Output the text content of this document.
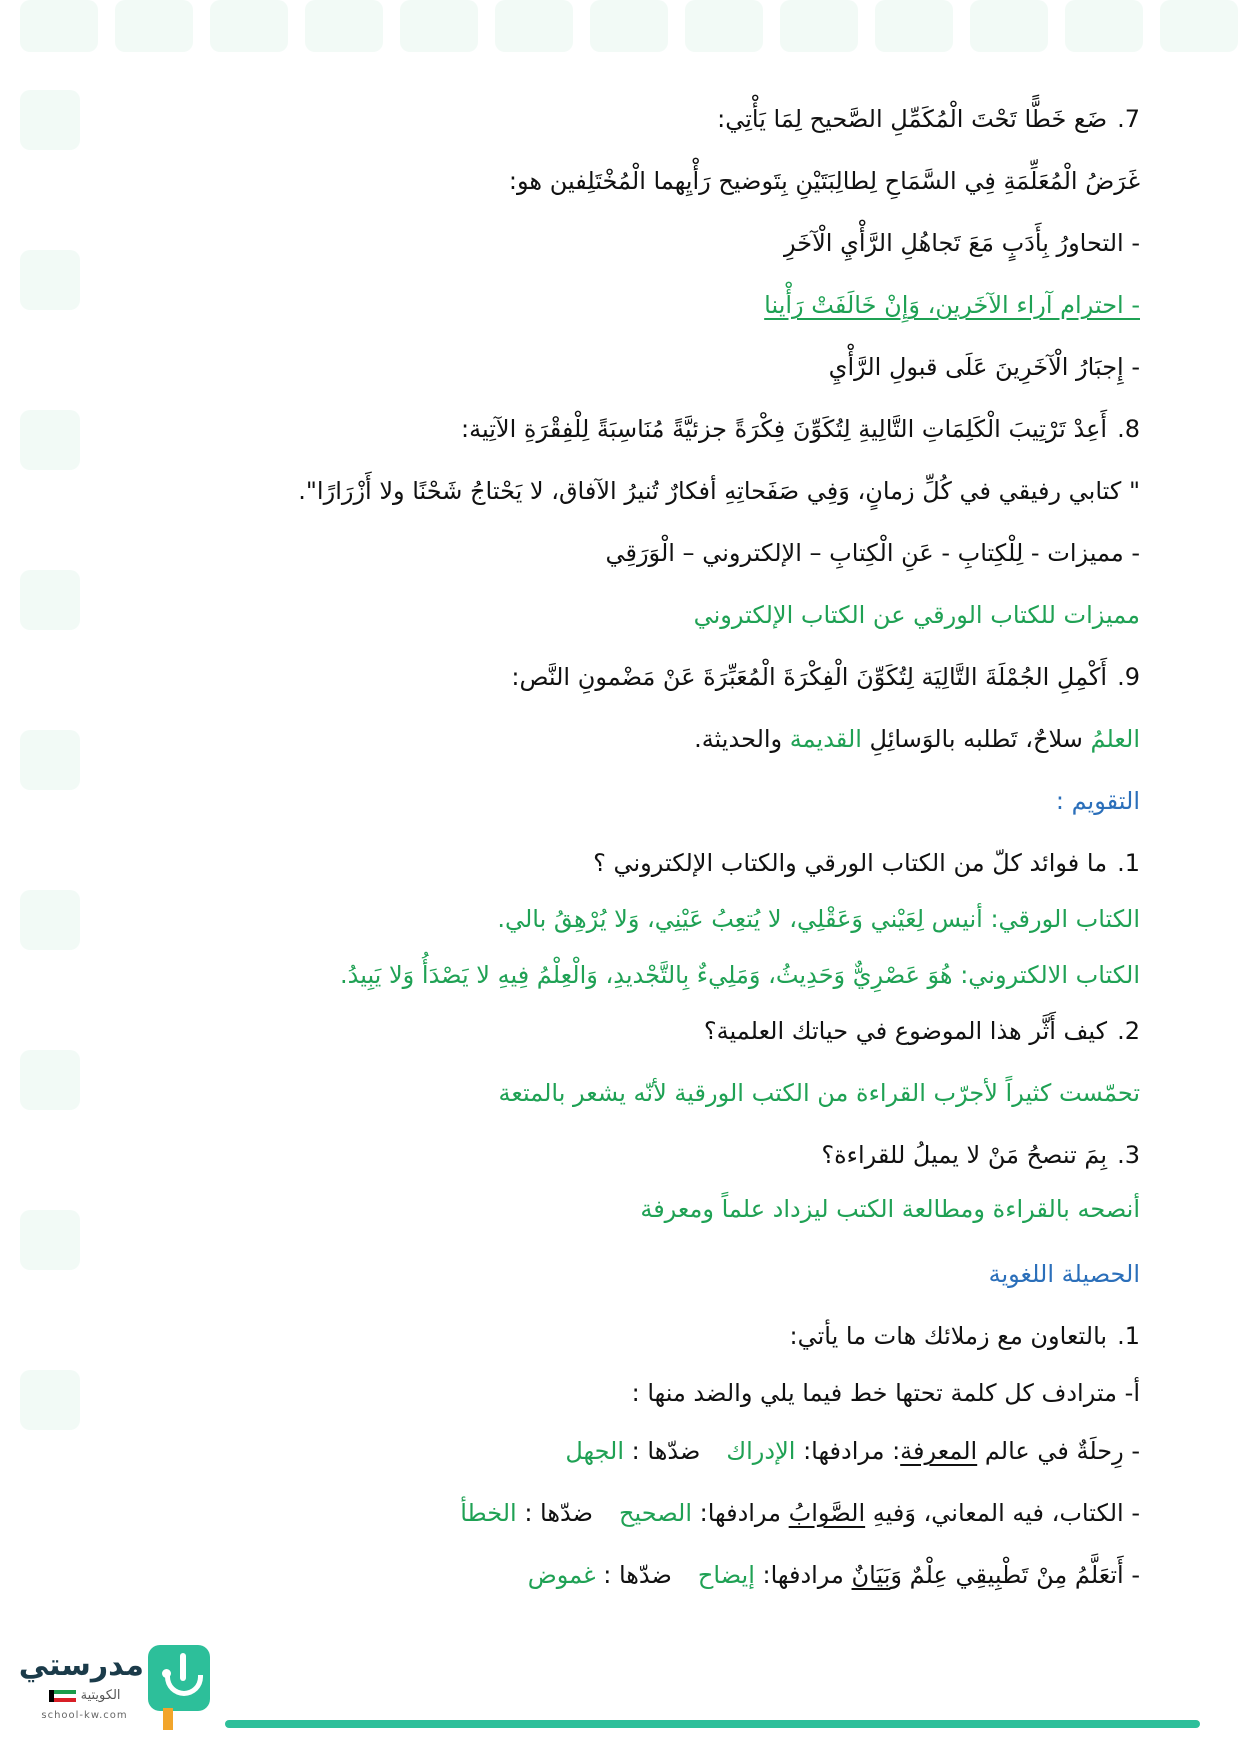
7.ضَع خَطًّا تَحْتَ الْمُكَمِّلِ الصَّحيح لِمَا يَأْتِي:
غَرَضُ الْمُعَلِّمَةِ فِي السَّمَاحِ لِطالِبَتَيْنِ بِتَوضيح رَأْيِهما الْمُخْتَلِفين هو:
- التحاورُ بِأَدَبٍ مَعَ تَجاهُلِ الرَّأْيِ الْآخَرِ
- احترام آراء الآخَرين، وَإِنْ خَالَفَتْ رَأْينا
- إِجبَارُ الْآخَرِينَ عَلَى قبولِ الرَّأْيِ
8.أَعِدْ تَرْتِيبَ الْكَلِمَاتِ التَّالِيةِ لِتُكَوِّنَ فِكْرَةً جزئيَّةً مُنَاسِبَةً لِلْفِقْرَةِ الآتِية:
" كتابي رفيقي في كُلِّ زمانٍ، وَفِي صَفَحاتِهِ أفكارٌ تُنيرُ الآفاق، لا يَحْتاجُ شَحْنًا ولا أَزْرَارًا".
- مميزات - لِلْكِتابِ - عَنِ الْكِتابِ – الإلكتروني – الْوَرَقِي
مميزات للكتاب الورقي عن الكتاب الإلكتروني
9.أَكْمِلِ الجُمْلَةَ التَّالِيَة لِتُكَوِّنَ الْفِكْرَةَ الْمُعَبِّرَةَ عَنْ مَضْمونِ النَّص:
العلمُ سلاحٌ، تَطلبه بالوَسائِلِ القديمة والحديثة.
التقويم :
1.ما فوائد كلّ من الكتاب الورقي والكتاب الإلكتروني ؟
الكتاب الورقي: أنيس لِعَيْني وَعَقْلِي، لا يُتعِبُ عَيْنِي، وَلا يُرْهِقُ بالي.
الكتاب الالكتروني: هُوَ عَصْرِيٌّ وَحَدِيثُ، وَمَلِيءٌ بِالتَّجْديدِ، وَالْعِلْمُ فِيهِ لا يَصْدَأُ وَلا يَبِيدُ.
2.كيف أَثَّر هذا الموضوع في حياتك العلمية؟
تحمّست كثيراً لأجرّب القراءة من الكتب الورقية لأنّه يشعر بالمتعة
3.بِمَ تنصحُ مَنْ لا يميلُ للقراءة؟
أنصحه بالقراءة ومطالعة الكتب ليزداد علماً ومعرفة
الحصيلة اللغوية
1.بالتعاون مع زملائك هات ما يأتي:
أ- مترادف كل كلمة تحتها خط فيما يلي والضد منها :
- رِحلَةٌ في عالم المعرفة: مرادفها: الإدراكضدّها : الجهل
- الكتاب، فيه المعاني، وَفيهِ الصَّوابُ مرادفها: الصحيحضدّها : الخطأ
- أَتعَلَّمُ مِنْ تَطْبِيقِي عِلْمٌ وَبَيَانٌ مرادفها: إيضاحضدّها : غموض
مدرستي
الكويتية
school-kw.com
